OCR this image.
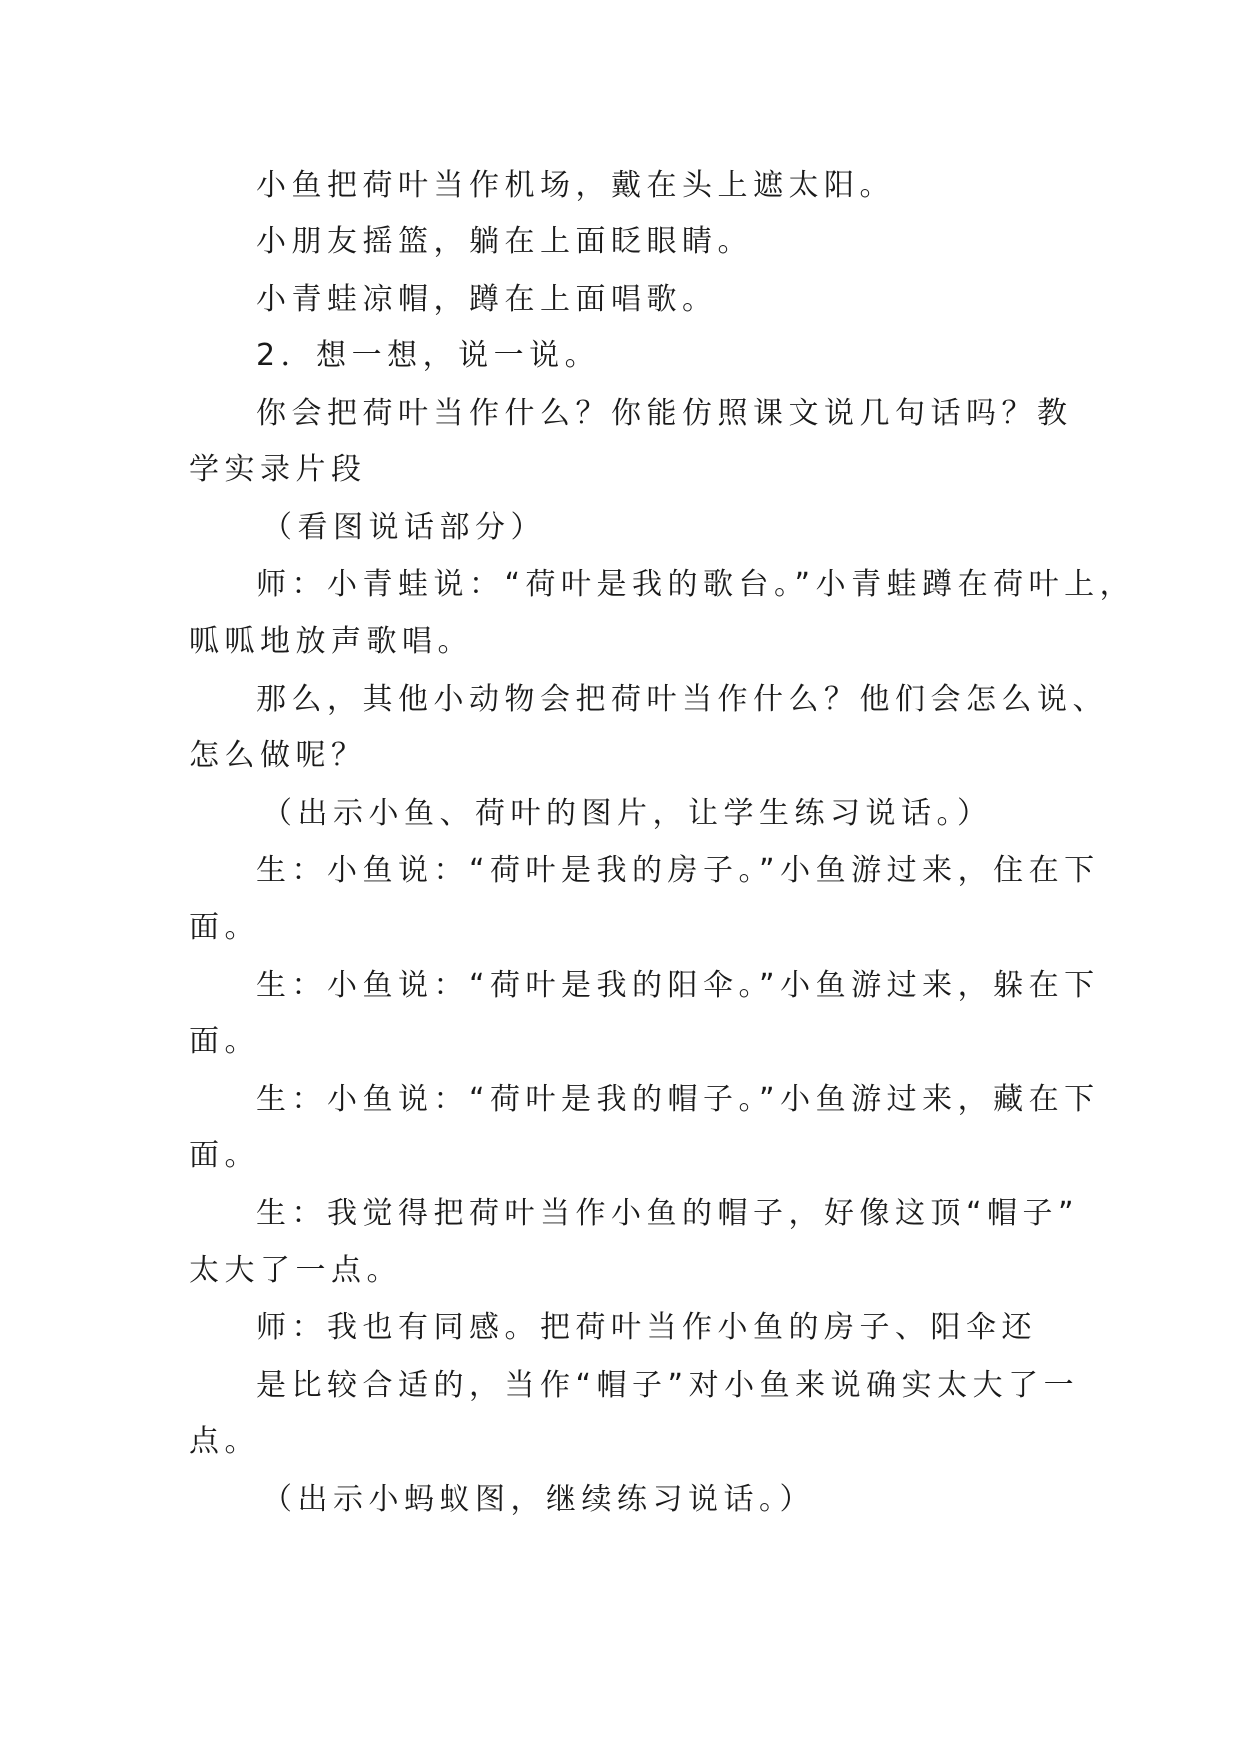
小鱼把荷叶当作机场，戴在头上遮太阳。
小朋友摇篮，躺在上面眨眼睛。
小青蛙凉帽，蹲在上面唱歌。
2．想一想，说一说。
你会把荷叶当作什么？你能仿照课文说几句话吗？教
学实录片段
（看图说话部分）
师：小青蛙说：“荷叶是我的歌台。”小青蛙蹲在荷叶上，
呱呱地放声歌唱。
那么，其他小动物会把荷叶当作什么？他们会怎么说、
怎么做呢？
（出示小鱼、荷叶的图片，让学生练习说话。）
生：小鱼说：“荷叶是我的房子。”小鱼游过来，住在下
面。
生：小鱼说：“荷叶是我的阳伞。”小鱼游过来，躲在下
面。
生：小鱼说：“荷叶是我的帽子。”小鱼游过来，藏在下
面。
生：我觉得把荷叶当作小鱼的帽子，好像这顶“帽子”
太大了一点。
师：我也有同感。把荷叶当作小鱼的房子、阳伞还
是比较合适的，当作“帽子”对小鱼来说确实太大了一
点。
（出示小蚂蚁图，继续练习说话。）
